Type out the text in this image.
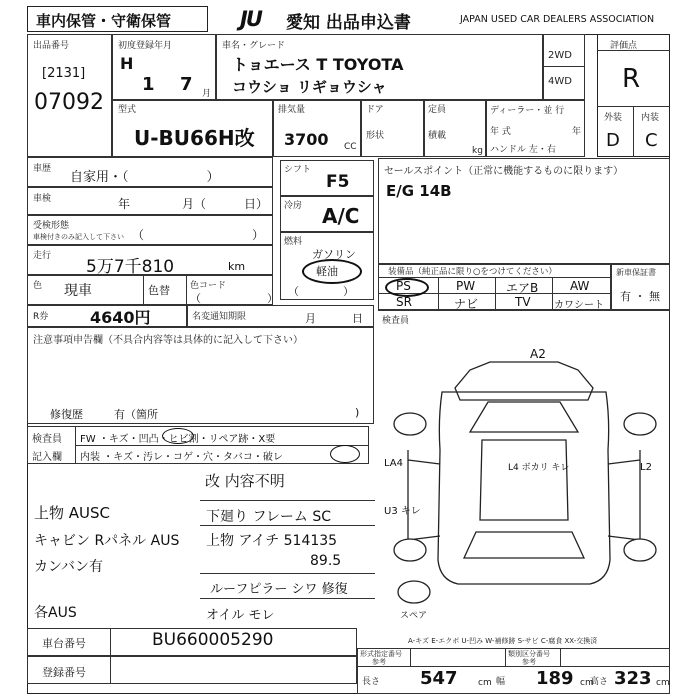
車内保管・守衛保管	JU 愛知 出品申込書	JAPAN USED CAR DEALERS ASSOCIATION
出品番号
[2131]
07092
初度登録年月
H
1 7 月
車名・グレード
トョエース T TOYOTA
コウショ リギョウシャ
2WD
4WD
評価点
R
外装 内装
D C
型式
U-BU66H改
排気量
3700 CC
ドア
形状
定員
積載
kg
ディーラー・並 行
年 式	年
ハンドル 左・右
車歴
自家用・（　　　　　　）
車検	年	月（	日）
受検形態
車検付きのみ記入して下さい （　　　　　　　　　）
走行
5万7千810	km
色 現車	色替 色コード
（　　　　　　）
シフト
F5
冷房 A/C
燃料
ガソリン
軽油
（　　　　）
セールスポイント（正常に機能するものに限ります）
E/G 14B
装備品（純正品に限り○をつけてください）
PS	PW	エアB	AW
SR	ナビ	TV カワシート
新車保証書
有 ・ 無
R券	4640円	名変通知期限	月	日 検査員
注意事項申告欄（不具合内容等は具体的に記入して下さい）
修復歴	有（箇所	)
検査員
記入欄
FW ・キズ・凹凸・ヒビ割・リペア跡・X要
内装 ・キズ・汚レ・コゲ・穴・タバコ・破レ
改 内容不明
上物 AUSC	下廻り フレーム SC
キャビン Rパネル AUS 上物 アイチ 514135
カンバン有	89.5
ルーフピラー シワ 修復
各AUS	オイル モレ
A2
LA4	L4 ボカリ キレ	L2
U3 キレ
スペア
A-キズ E-エクボ U-凹み W-補修跡 S-サビ C-腐食 XX-交換済
車台番号	BU660005290
登録番号
形式指定番号
参考
類別区分番号
参考
長さ 547 cm 幅 189 cm
高さ 323 cm
